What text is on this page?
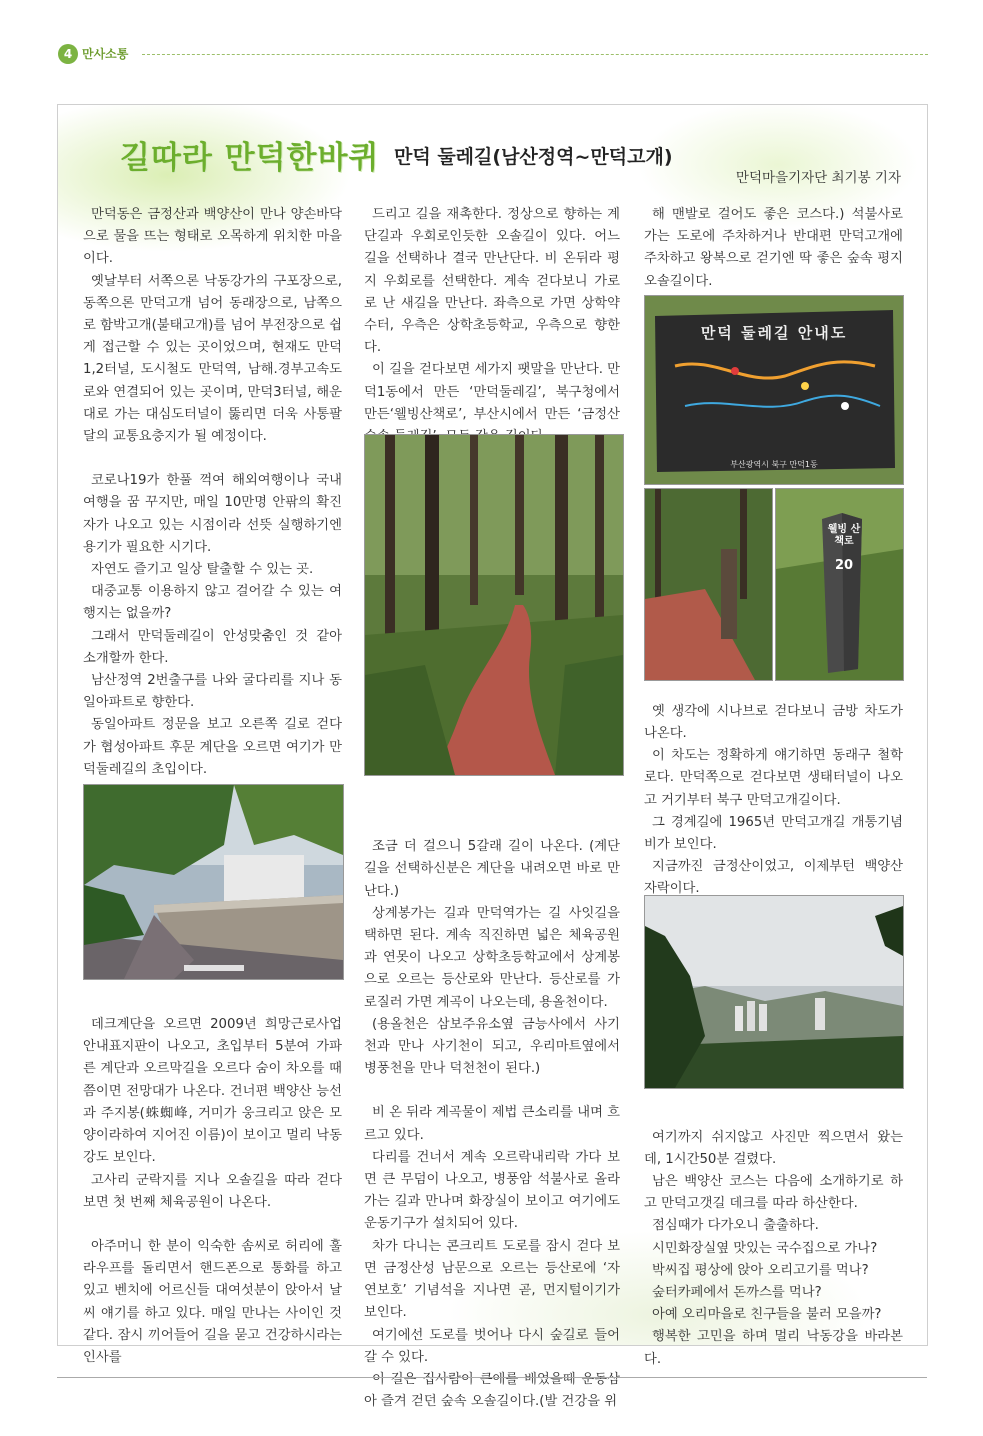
4 만사소통
길따라 만덕한바퀴 만덕 둘레길(남산정역~만덕고개)
만덕마을기자단 최기봉 기자

만덕동은 금정산과 백양산이 만나 양손바닥으로 물을 뜨는 형태로 오목하게 위치한 마을이다.

옛날부터 서쪽으론 낙동강가의 구포장으로, 동쪽으론 만덕고개 넘어 동래장으로, 남쪽으로 함박고개(불태고개)를 넘어 부전장으로 쉽게 접근할 수 있는 곳이었으며, 현재도 만덕 1,2터널, 도시철도 만덕역, 남해.경부고속도로와 연결되어 있는 곳이며, 만덕3터널, 해운대로 가는 대심도터널이 뚫리면 더욱 사통팔달의 교통요충지가 될 예정이다.

코로나19가 한풀 꺽여 해외여행이나 국내여행을 꿈 꾸지만, 매일 10만명 안팎의 확진자가 나오고 있는 시점이라 선뜻 실행하기엔 용기가 필요한 시기다.

자연도 즐기고 일상 탈출할 수 있는 곳.

대중교통 이용하지 않고 걸어갈 수 있는 여행지는 없을까?

그래서 만덕둘레길이 안성맞춤인 것 같아 소개할까 한다.

남산정역 2번출구를 나와 굴다리를 지나 동일아파트로 향한다.

동일아파트 정문을 보고 오른쪽 길로 걷다가 협성아파트 후문 계단을 오르면 여기가 만덕둘레길의 초입이다.

데크계단을 오르면 2009년 희망근로사업 안내표지판이 나오고, 초입부터 5분여 가파른 계단과 오르막길을 오르다 숨이 차오를 때 쯤이면 전망대가 나온다. 건너편 백양산 능선과 주지봉(蛛蜘峰, 거미가 웅크리고 앉은 모양이라하여 지어진 이름)이 보이고 멀리 낙동강도 보인다.

고사리 군락지를 지나 오솔길을 따라 걷다 보면 첫 번째 체육공원이 나온다.

아주머니 한 분이 익숙한 솜씨로 허리에 훌라우프를 돌리면서 핸드폰으로 통화를 하고 있고 벤치에 어르신들 대여섯분이 앉아서 날씨 얘기를 하고 있다. 매일 만나는 사이인 것 같다. 잠시 끼어들어 길을 묻고 건강하시라는 인사를

드리고 길을 재촉한다. 정상으로 향하는 계단길과 우회로인듯한 오솔길이 있다. 어느 길을 선택하나 결국 만난단다. 비 온뒤라 평지 우회로를 선택한다. 계속 걷다보니 가로로 난 새길을 만난다. 좌측으로 가면 상학약수터, 우측은 상학초등학교, 우측으로 향한다.

이 길을 걷다보면 세가지 팻말을 만난다. 만덕1동에서 만든 ‘만덕둘레길’, 북구청에서 만든‘웰빙산책로’, 부산시에서 만든 ‘금정산

조금 더 걸으니 5갈래 길이 나온다. (계단길을 선택하신분은 계단을 내려오면 바로 만난다.)

상계봉가는 길과 만덕역가는 길 사잇길을 택하면 된다. 계속 직진하면 넓은 체육공원과 연못이 나오고 상학초등학교에서 상계봉으로 오르는 등산로와 만난다. 등산로를 가로질러 가면 계곡이 나오는데, 용올천이다.

(용올천은 삼보주유소옆 금능사에서 사기천과 만나 사기천이 되고, 우리마트옆에서 병풍천을 만나 덕천천이 된다.)

비 온 뒤라 계곡물이 제법 큰소리를 내며 흐르고 있다.

다리를 건너서 계속 오르락내리락 가다 보면 큰 무덤이 나오고, 병풍암 석불사로 올라가는 길과 만나며 화장실이 보이고 여기에도 운동기구가 설치되어 있다.

차가 다니는 콘크리트 도로를 잠시 걷다 보면 금정산성 남문으로 오르는 등산로에 ‘자연보호’ 기념석을 지나면 곧, 먼지털이기가 보인다.

여기에선 도로를 벗어나 다시 숲길로 들어갈 수 있다.

이 길은 집사람이 큰애를 배었을때 운동삼아 즐겨 걷던 숲속 오솔길이다.(발 건강을 위

해 맨발로 걸어도 좋은 코스다.) 석불사로 가는 도로에 주차하거나 반대편 만덕고개에 주차하고 왕복으로 걷기엔 딱 좋은 숲속 평지 오솔길이다.

옛 생각에 시나브로 걷다보니 금방 차도가 나온다.

이 차도는 정확하게 얘기하면 동래구 철학로다. 만덕쪽으로 걷다보면 생태터널이 나오고 거기부터 북구 만덕고개길이다.

그 경계길에 1965년 만덕고개길 개통기념비가 보인다.

지금까진 금정산이었고, 이제부턴 백양산 자락이다.

여기까지 쉬지않고 사진만 찍으면서 왔는데, 1시간50분 걸렸다.

남은 백양산 코스는 다음에 소개하기로 하고 만덕고갯길 데크를 따라 하산한다.

점심때가 다가오니 출출하다.

시민화장실옆 맛있는 국수집으로 가나?

박씨집 평상에 앉아 오리고기를 먹나?

숲터카페에서 돈까스를 먹나?

아예 오리마을로 친구들을 불러 모을까?

행복한 고민을 하며 멀리 낙동강을 바라본다.

만덕 둘레길 안내도
부산광역시 북구 만덕1동
웰빙 산책로
20
